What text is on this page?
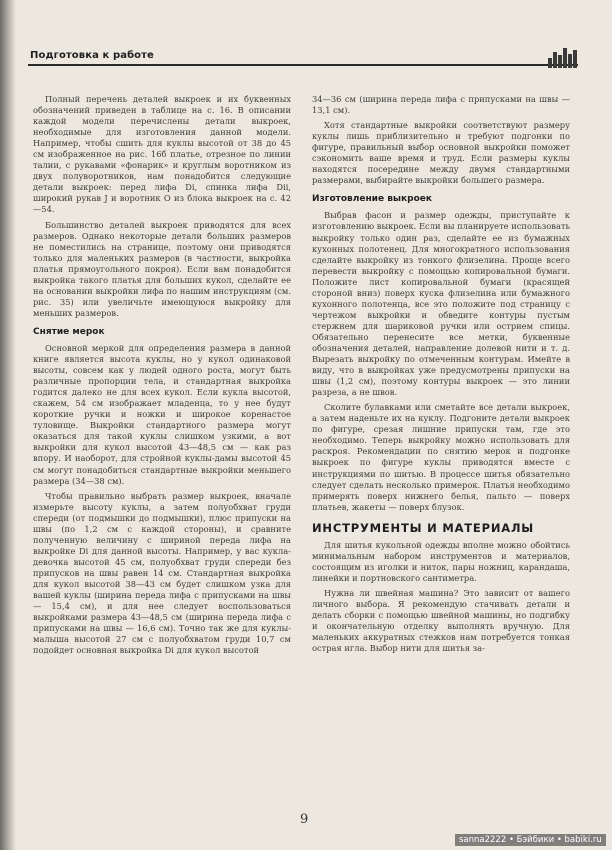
Подготовка к работе

Полный перечень деталей выкроек и их буквенных обозначений приведен в таблице на с. 16. В описании каждой модели перечислены детали выкроек, необходимые для изготовления данной модели. Например, чтобы сшить для куклы высотой от 38 до 45 см изображенное на рис. 16б платье, отрезное по линии талии, с рукавами «фонарик» и круглым воротником из двух полуворотников, нам понадобится следующие детали выкроек: перед лифа Di, спинка лифа Dii, широкий рукав J и воротник O из блока выкроек на с. 42—54.

Большинство деталей выкроек приводятся для всех размеров. Однако некоторые детали больших размеров не поместились на странице, поэтому они приводятся только для маленьких размеров (в частности, выкройка платья прямоугольного покроя). Если вам понадобится выкройка такого платья для больших кукол, сделайте ее на основании выкройки лифа по нашим инструкциям (см. рис. 35) или увеличьте имеющуюся выкройку для меньших размеров.

Снятие мерок

Основной меркой для определения размера в данной книге является высота куклы, но у кукол одинаковой высоты, совсем как у людей одного роста, могут быть различные пропорции тела, и стандартная выкройка годится далеко не для всех кукол. Если кукла высотой, скажем, 54 см изображает младенца, то у нее будут короткие ручки и ножки и широкое коренастое туловище. Выкройки стандартного размера могут оказаться для такой куклы слишком узкими, а вот выкройки для кукол высотой 43—48,5 см — как раз впору. И наоборот, для стройной куклы-дамы высотой 45 см могут понадобиться стандартные выкройки меньшего размера (34—38 см).

Чтобы правильно выбрать размер выкроек, вначале измерьте высоту куклы, а затем полуобхват груди спереди (от подмышки до подмышки), плюс припуски на швы (по 1,2 см с каждой стороны), и сравните полученную величину с шириной переда лифа на выкройке Di для данной высоты. Например, у вас кукла-девочка высотой 45 см, полуобхват груди спереди без припусков на швы равен 14 см. Стандартная выкройка для кукол высотой 38—43 см будет слишком узка для вашей куклы (ширина переда лифа с припусками на швы — 15,4 см), и для нее следует воспользоваться выкройками размера 43—48,5 см (ширина переда лифа с припусками на швы — 16,6 см). Точно так же для куклы-малыша высотой 27 см с полуобхватом груди 10,7 см подойдет основная выкройка Di для кукол высотой

34—36 см (ширина переда лифа с припусками на швы — 13,1 см).

Хотя стандартные выкройки соответствуют размеру куклы лишь приблизительно и требуют подгонки по фигуре, правильный выбор основной выкройки поможет сэкономить ваше время и труд. Если размеры куклы находятся посередине между двумя стандартными размерами, выбирайте выкройки большего размера.

Изготовление выкроек

Выбрав фасон и размер одежды, приступайте к изготовлению выкроек. Если вы планируете использовать выкройку только один раз, сделайте ее из бумажных кухонных полотенец. Для многократного использования сделайте выкройку из тонкого флизелина. Проще всего перевести выкройку с помощью копировальной бумаги. Положите лист копировальной бумаги (красящей стороной вниз) поверх куска флизелина или бумажного кухонного полотенца, все это положите под страницу с чертежом выкройки и обведите контуры пустым стержнем для шариковой ручки или острием спицы. Обязательно перенесите все метки, буквенные обозначения деталей, направление долевой нити и т. д. Вырезать выкройку по отмеченным контурам. Имейте в виду, что в выкройках уже предусмотрены припуски на швы (1,2 см), поэтому контуры выкроек — это линии разреза, а не швов.

Сколите булавками или сметайте все детали выкроек, а затем наденьте их на куклу. Подгоните детали выкроек по фигуре, срезая лишние припуски там, где это необходимо. Теперь выкройку можно использовать для раскроя. Рекомендации по снятию мерок и подгонке выкроек по фигуре куклы приводятся вместе с инструкциями по шитью. В процессе шитья обязательно следует сделать несколько примерок. Платья необходимо примерять поверх нижнего белья, пальто — поверх платьев, жакеты — поверх блузок.

ИНСТРУМЕНТЫ И МАТЕРИАЛЫ

Для шитья кукольной одежды вполне можно обойтись минимальным набором инструментов и материалов, состоящим из иголки и ниток, пары ножниц, карандаша, линейки и портновского сантиметра.

Нужна ли швейная машина? Это зависит от вашего личного выбора. Я рекомендую стачивать детали и делать сборки с помощью швейной машины, но подгибку и окончательную отделку выполнять вручную. Для маленьких аккуратных стежков нам потребуется тонкая острая игла. Выбор нити для шитья за-

9
sanna2222 • Бэйбики • babiki.ru
